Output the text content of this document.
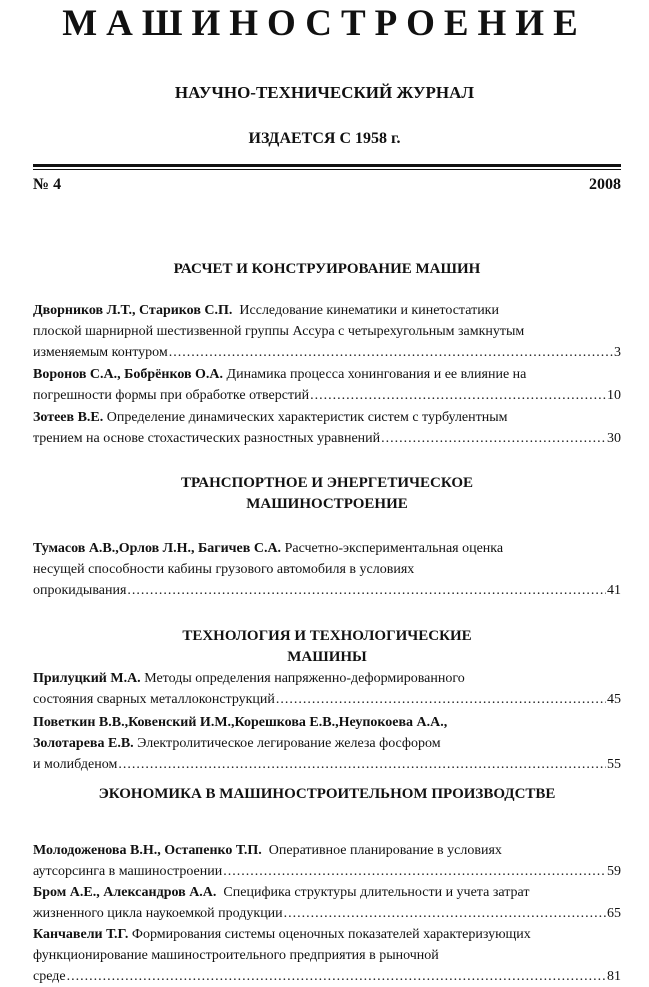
МАШИНОСТРОЕНИЕ
НАУЧНО-ТЕХНИЧЕСКИЙ ЖУРНАЛ
ИЗДАЕТСЯ С 1958 г.
№ 4	2008
РАСЧЕТ И КОНСТРУИРОВАНИЕ МАШИН
Дворников Л.Т., Стариков С.П. Исследование кинематики и кинетостатики
плоской шарнирной шестизвенной группы Ассура с четырехугольным замкнутым
изменяемым контуром .....	3
Воронов С.А., Бобрёнков О.А. Динамика процесса хонингования и ее влияние на
погрешности формы при обработке отверстий .....	10
Зотеев В.Е. Определение динамических характеристик систем с турбулентным
трением на основе стохастических разностных уравнений .....	30
ТРАНСПОРТНОЕ И ЭНЕРГЕТИЧЕСКОЕ
МАШИНОСТРОЕНИЕ
Тумасов А.В.,Орлов Л.Н., Багичев С.А. Расчетно-экспериментальная оценка
несущей способности кабины грузового автомобиля в условиях
опрокидывания .....	41
ТЕХНОЛОГИЯ И ТЕХНОЛОГИЧЕСКИЕ
МАШИНЫ
Прилуцкий М.А. Методы определения напряженно-деформированного
состояния сварных металлоконструкций .....	45
Поветкин В.В.,Ковенский И.М.,Корешкова Е.В.,Неупокоева А.А.,
Золотарева Е.В. Электролитическое легирование железа фосфором
и молибденом .....	55
ЭКОНОМИКА В МАШИНОСТРОИТЕЛЬНОМ ПРОИЗВОДСТВЕ
Молодоженова В.Н., Остапенко Т.П. Оперативное планирование в условиях
аутсорсинга в машиностроении .....	59
Бром А.Е., Александров А.А. Специфика структуры длительности и учета затрат
жизненного цикла наукоемкой продукции .....	65
Канчавели Т.Г. Формирования системы оценочных показателей характеризующих
функционирование машиностроительного предприятия в рыночной
среде .....	81
